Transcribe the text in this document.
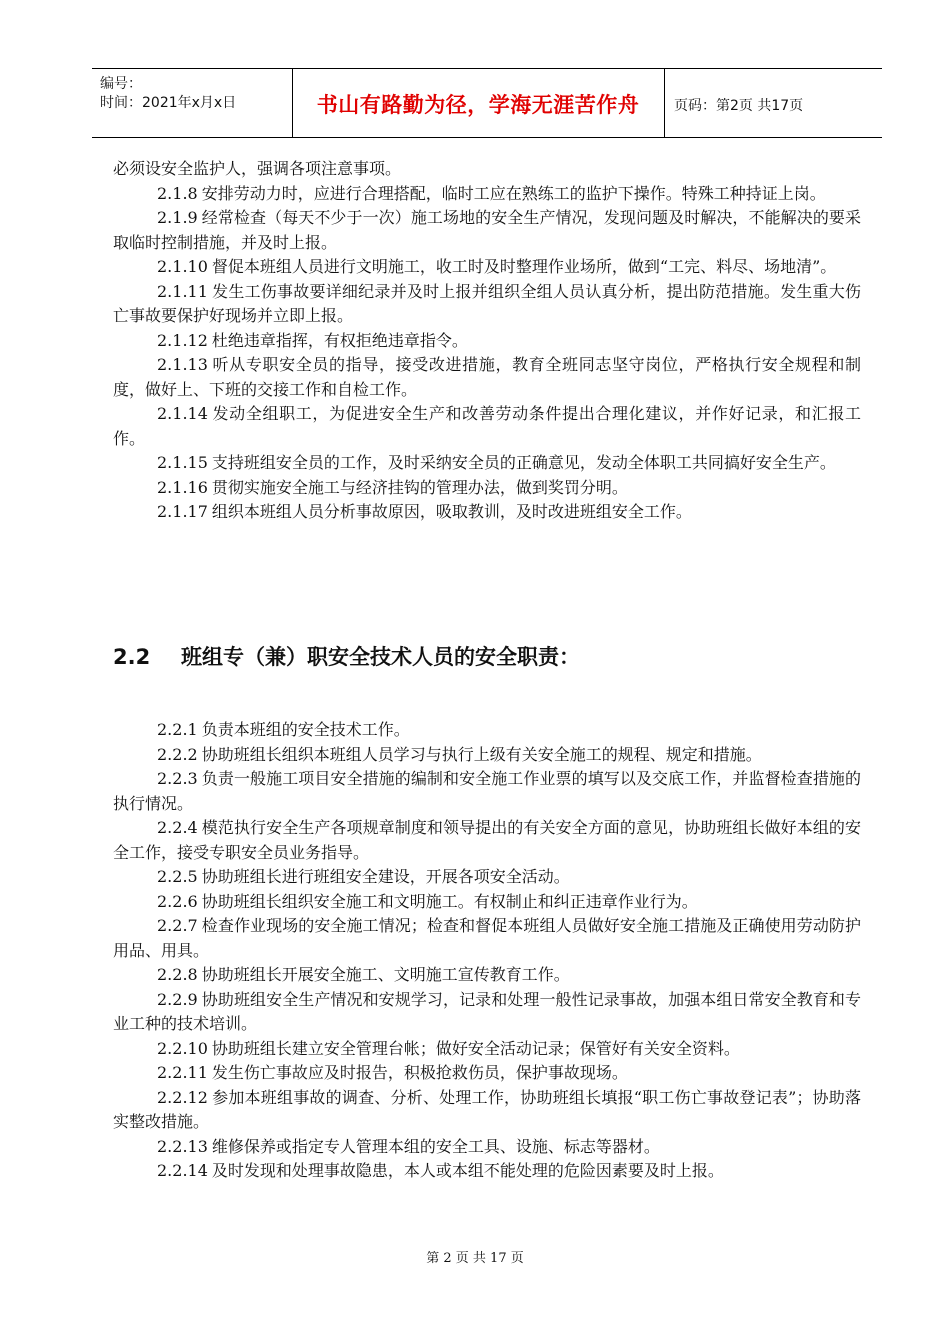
编号：
时间：2021年x月x日	书山有路勤为径，学海无涯苦作舟	页码：第2页 共17页

必须设安全监护人，强调各项注意事项。

2.1.8 安排劳动力时，应进行合理搭配，临时工应在熟练工的监护下操作。特殊工种持证上岗。

2.1.9 经常检查（每天不少于一次）施工场地的安全生产情况，发现问题及时解决，不能解决的要采取临时控制措施，并及时上报。

2.1.10 督促本班组人员进行文明施工，收工时及时整理作业场所，做到“工完、料尽、场地清”。

2.1.11 发生工伤事故要详细纪录并及时上报并组织全组人员认真分析，提出防范措施。发生重大伤亡事故要保护好现场并立即上报。

2.1.12 杜绝违章指挥，有权拒绝违章指令。

2.1.13 听从专职安全员的指导，接受改进措施，教育全班同志坚守岗位，严格执行安全规程和制度，做好上、下班的交接工作和自检工作。

2.1.14 发动全组职工，为促进安全生产和改善劳动条件提出合理化建议，并作好记录，和汇报工作。

2.1.15 支持班组安全员的工作，及时采纳安全员的正确意见，发动全体职工共同搞好安全生产。

2.1.16 贯彻实施安全施工与经济挂钩的管理办法，做到奖罚分明。

2.1.17 组织本班组人员分析事故原因，吸取教训，及时改进班组安全工作。

2.2 班组专（兼）职安全技术人员的安全职责：

2.2.1 负责本班组的安全技术工作。

2.2.2 协助班组长组织本班组人员学习与执行上级有关安全施工的规程、规定和措施。

2.2.3 负责一般施工项目安全措施的编制和安全施工作业票的填写以及交底工作，并监督检查措施的执行情况。

2.2.4 模范执行安全生产各项规章制度和领导提出的有关安全方面的意见，协助班组长做好本组的安全工作，接受专职安全员业务指导。

2.2.5 协助班组长进行班组安全建设，开展各项安全活动。

2.2.6 协助班组长组织安全施工和文明施工。有权制止和纠正违章作业行为。

2.2.7 检查作业现场的安全施工情况；检查和督促本班组人员做好安全施工措施及正确使用劳动防护用品、用具。

2.2.8 协助班组长开展安全施工、文明施工宣传教育工作。

2.2.9 协助班组安全生产情况和安规学习，记录和处理一般性记录事故，加强本组日常安全教育和专业工种的技术培训。

2.2.10 协助班组长建立安全管理台帐；做好安全活动记录；保管好有关安全资料。

2.2.11 发生伤亡事故应及时报告，积极抢救伤员，保护事故现场。

2.2.12 参加本班组事故的调查、分析、处理工作，协助班组长填报“职工伤亡事故登记表”；协助落实整改措施。

2.2.13 维修保养或指定专人管理本组的安全工具、设施、标志等器材。

2.2.14 及时发现和处理事故隐患，本人或本组不能处理的危险因素要及时上报。

第 2 页 共 17 页
